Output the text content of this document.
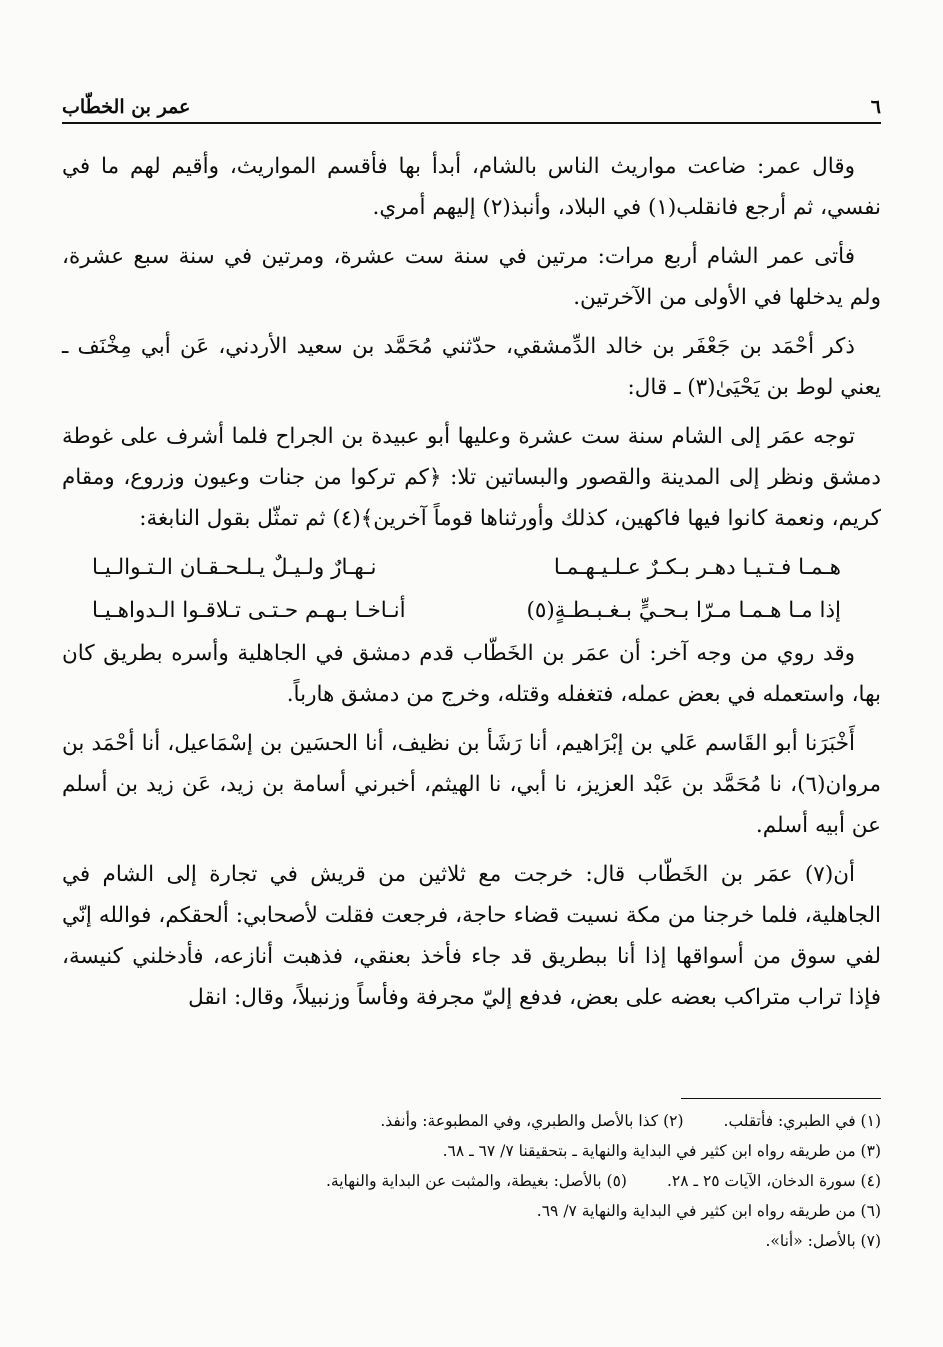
٦
عمر بن الخطّاب

وقال عمر: ضاعت مواريث الناس بالشام، أبدأ بها فأقسم المواريث، وأقيم لهم ما في نفسي، ثم أرجع فانقلب(١) في البلاد، وأنبذ(٢) إليهم أمري.

فأتى عمر الشام أربع مرات: مرتين في سنة ست عشرة، ومرتين في سنة سبع عشرة، ولم يدخلها في الأولى من الآخرتين.

ذكر أحْمَد بن جَعْفَر بن خالد الدِّمشقي، حدّثني مُحَمَّد بن سعيد الأردني، عَن أبي مِخْنَف ـ يعني لوط بن يَحْيَىٰ(٣) ـ قال:

توجه عمَر إلى الشام سنة ست عشرة وعليها أبو عبيدة بن الجراح فلما أشرف على غوطة دمشق ونظر إلى المدينة والقصور والبساتين تلا: ﴿كم تركوا من جنات وعيون وزروع، ومقام كريم، ونعمة كانوا فيها فاكهين، كذلك وأورثناها قوماً آخرين﴾(٤) ثم تمثّل بقول النابغة:

هـمـا فـتـيـا دهـر بـكـرٌ عـلـيـهـمـا
نـهـارٌ ولـيـلٌ يـلـحـقـان الـتـوالـيـا
إذا مـا هـمـا مـرّا بـحـيٍّ بـغـبـطـةٍ(٥)
أنـاخـا بـهـم حـتـى تـلاقـوا الـدواهـيـا

وقد روي من وجه آخر: أن عمَر بن الخَطّاب قدم دمشق في الجاهلية وأسره بطريق كان بها، واستعمله في بعض عمله، فتغفله وقتله، وخرج من دمشق هارباً.

أَخْبَرَنا أبو القَاسم عَلي بن إبْرَاهيم، أنا رَشَأ بن نظيف، أنا الحسَين بن إسْمَاعيل، أنا أحْمَد بن مروان(٦)، نا مُحَمَّد بن عَبْد العزيز، نا أبي، نا الهيثم، أخبرني أسامة بن زيد، عَن زيد بن أسلم عن أبيه أسلم.

أن(٧) عمَر بن الخَطّاب قال: خرجت مع ثلاثين من قريش في تجارة إلى الشام في الجاهلية، فلما خرجنا من مكة نسيت قضاء حاجة، فرجعت فقلت لأصحابي: ألحقكم، فوالله إنّي لفي سوق من أسواقها إذا أنا ببطريق قد جاء فأخذ بعنقي، فذهبت أنازعه، فأدخلني كنيسة، فإذا تراب متراكب بعضه على بعض، فدفع إليّ مجرفة وفأساً وزنبيلاً، وقال: انقل

(١) في الطبري: فأتقلب.
(٢) كذا بالأصل والطبري، وفي المطبوعة: وأنفذ.
(٣) من طريقه رواه ابن كثير في البداية والنهاية ـ بتحقيقنا ٧/ ٦٧ ـ ٦٨.
(٤) سورة الدخان، الآيات ٢٥ ـ ٢٨.
(٥) بالأصل: بغيطة، والمثبت عن البداية والنهاية.
(٦) من طريقه رواه ابن كثير في البداية والنهاية ٧/ ٦٩.
(٧) بالأصل: «أنا».
